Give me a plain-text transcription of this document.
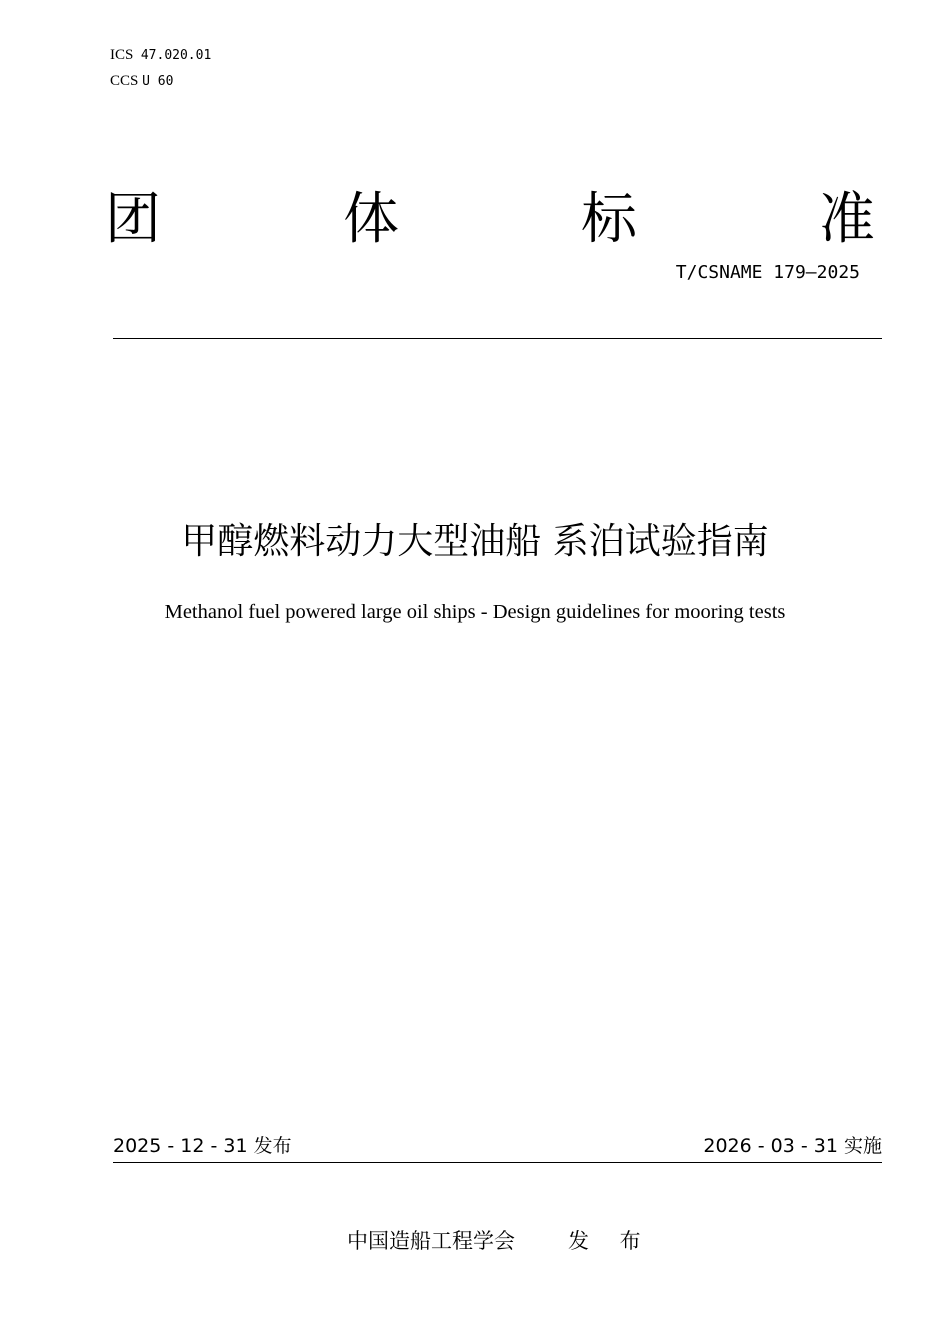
ICS 47.020.01
CCS U 60
团	体	标	准
T/CSNAME 179—2025
甲醇燃料动力大型油船 系泊试验指南
Methanol fuel powered large oil ships - Design guidelines for mooring tests
2025 - 12 - 31 发布	2026 - 03 - 31 实施
中国造船工程学会	发 布
